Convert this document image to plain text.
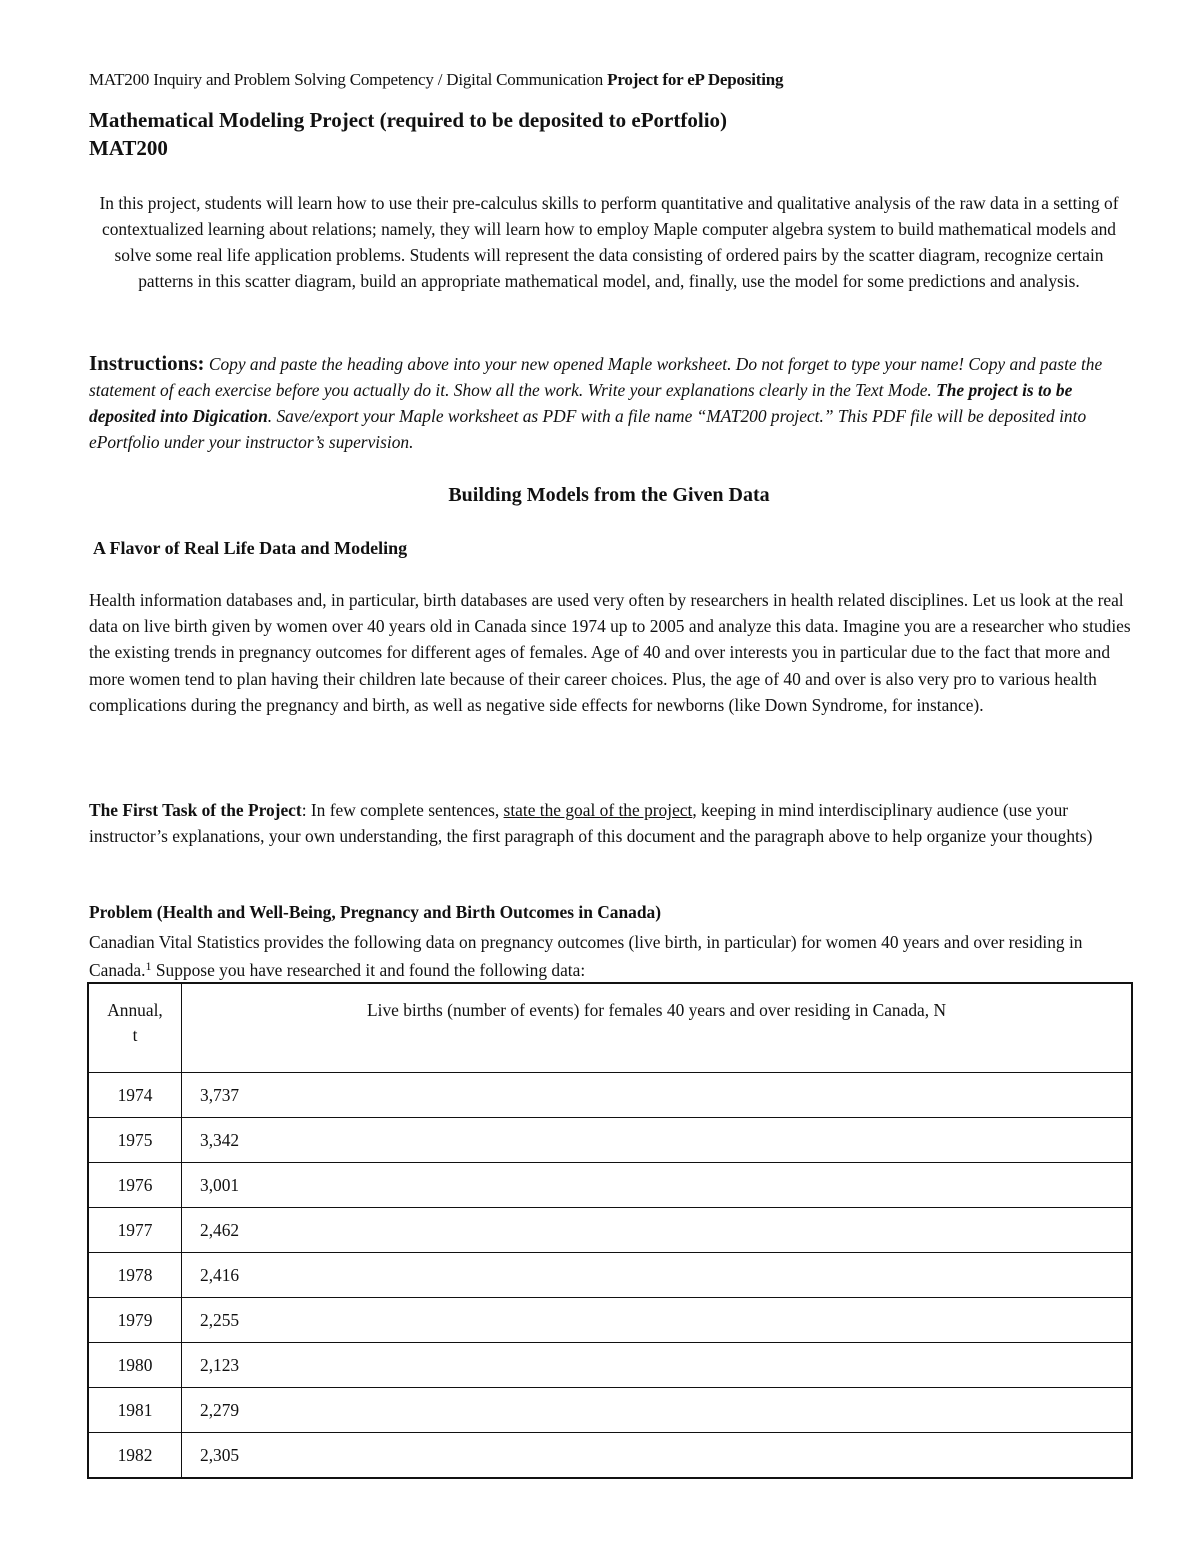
MAT200 Inquiry and Problem Solving Competency / Digital Communication Project for eP Depositing
Mathematical Modeling Project (required to be deposited to ePortfolio)
MAT200
In this project, students will learn how to use their pre-calculus skills to perform quantitative and qualitative analysis of the raw data in a setting of contextualized learning about relations; namely, they will learn how to employ Maple computer algebra system to build mathematical models and solve some real life application problems. Students will represent the data consisting of ordered pairs by the scatter diagram, recognize certain patterns in this scatter diagram, build an appropriate mathematical model, and, finally, use the model for some predictions and analysis.
Instructions: Copy and paste the heading above into your new opened Maple worksheet. Do not forget to type your name! Copy and paste the statement of each exercise before you actually do it. Show all the work. Write your explanations clearly in the Text Mode. The project is to be deposited into Digication. Save/export your Maple worksheet as PDF with a file name “MAT200 project.” This PDF file will be deposited into ePortfolio under your instructor’s supervision.
Building Models from the Given Data
A Flavor of Real Life Data and Modeling
Health information databases and, in particular, birth databases are used very often by researchers in health related disciplines. Let us look at the real data on live birth given by women over 40 years old in Canada since 1974 up to 2005 and analyze this data. Imagine you are a researcher who studies the existing trends in pregnancy outcomes for different ages of females. Age of 40 and over interests you in particular due to the fact that more and more women tend to plan having their children late because of their career choices. Plus, the age of 40 and over is also very pro to various health complications during the pregnancy and birth, as well as negative side effects for newborns (like Down Syndrome, for instance).
The First Task of the Project: In few complete sentences, state the goal of the project, keeping in mind interdisciplinary audience (use your instructor’s explanations, your own understanding, the first paragraph of this document and the paragraph above to help organize your thoughts)
Problem (Health and Well-Being, Pregnancy and Birth Outcomes in Canada)
Canadian Vital Statistics provides the following data on pregnancy outcomes (live birth, in particular) for women 40 years and over residing in Canada.$^1$ Suppose you have researched it and found the following data:
Annual,
t	Live births (number of events) for females 40 years and over residing in Canada, N
1974	3,737
1975	3,342
1976	3,001
1977	2,462
1978	2,416
1979	2,255
1980	2,123
1981	2,279
1982	2,305
